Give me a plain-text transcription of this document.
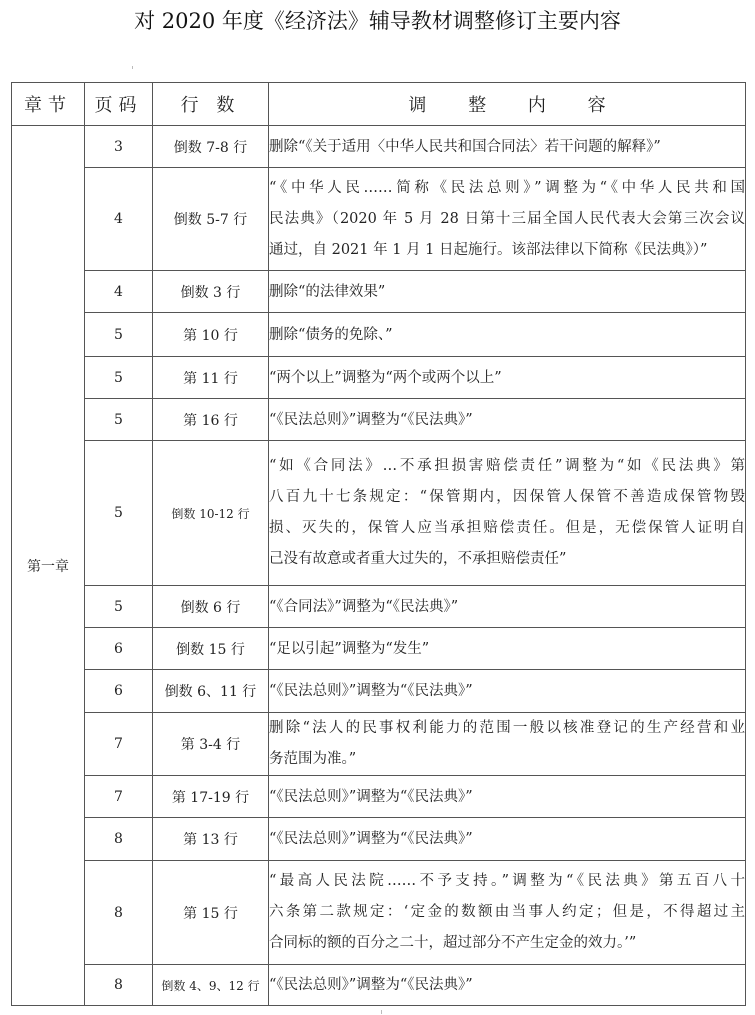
对 2020 年度《经济法》辅导教材调整修订主要内容
章节	页码	行 数	调 整 内 容
第一章	3	倒数 7-8 行	删除“《关于适用〈中华人民共和国合同法〉若干问题的解释》”

	4	倒数 5-7 行	“《中华人民……简称《民法总则》”调整为“《中华人民共和国
民法典》（2020 年 5 月 28 日第十三届全国人民代表大会第三次会议
通过，自 2021 年 1 月 1 日起施行。该部法律以下简称《民法典》）”

	4	倒数 3 行	删除“的法律效果”

	5	第 10 行	删除“债务的免除、”

	5	第 11 行	“两个以上”调整为“两个或两个以上”

	5	第 16 行	“《民法总则》”调整为“《民法典》”

	5	倒数 10-12 行	“如《合同法》…不承担损害赔偿责任”调整为“如《民法典》第
八百九十七条规定：“保管期内，因保管人保管不善造成保管物毁
损、灭失的，保管人应当承担赔偿责任。但是，无偿保管人证明自
己没有故意或者重大过失的，不承担赔偿责任”

	5	倒数 6 行	“《合同法》”调整为“《民法典》”

	6	倒数 15 行	“足以引起”调整为“发生”

	6	倒数 6、11 行	“《民法总则》”调整为“《民法典》”

	7	第 3-4 行	删除“法人的民事权利能力的范围一般以核准登记的生产经营和业
务范围为准。”

	7	第 17-19 行	“《民法总则》”调整为“《民法典》”

	8	第 13 行	“《民法总则》”调整为“《民法典》”

	8	第 15 行	“最高人民法院……不予支持。”调整为“《民法典》第五百八十
六条第二款规定：‘定金的数额由当事人约定；但是，不得超过主
合同标的额的百分之二十，超过部分不产生定金的效力。’”

	8	倒数 4、9、12 行	“《民法总则》”调整为“《民法典》”
